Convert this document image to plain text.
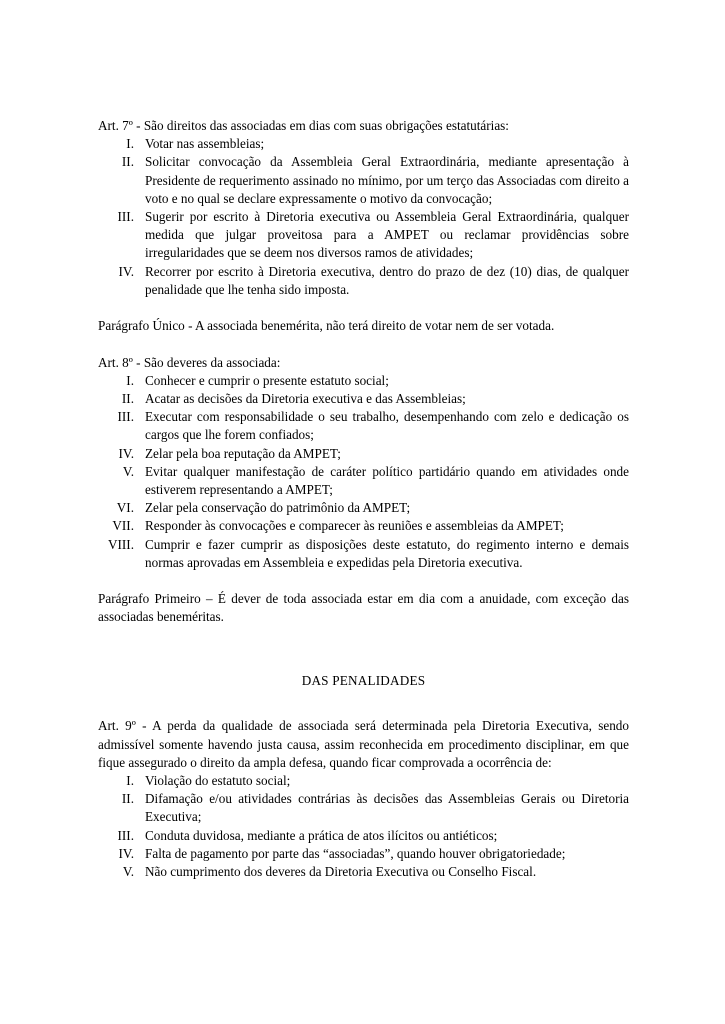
Art. 7º - São direitos das associadas em dias com suas obrigações estatutárias:

I. Votar nas assembleias;
II. Solicitar convocação da Assembleia Geral Extraordinária, mediante apresentação à Presidente de requerimento assinado no mínimo, por um terço das Associadas com direito a voto e no qual se declare expressamente o motivo da convocação;
III. Sugerir por escrito à Diretoria executiva ou Assembleia Geral Extraordinária, qualquer medida que julgar proveitosa para a AMPET ou reclamar providências sobre irregularidades que se deem nos diversos ramos de atividades;
IV. Recorrer por escrito à Diretoria executiva, dentro do prazo de dez (10) dias, de qualquer penalidade que lhe tenha sido imposta.

Parágrafo Único - A associada benemérita, não terá direito de votar nem de ser votada.

Art. 8º - São deveres da associada:

I. Conhecer e cumprir o presente estatuto social;
II. Acatar as decisões da Diretoria executiva e das Assembleias;
III. Executar com responsabilidade o seu trabalho, desempenhando com zelo e dedicação os cargos que lhe forem confiados;
IV. Zelar pela boa reputação da AMPET;
V. Evitar qualquer manifestação de caráter político partidário quando em atividades onde estiverem representando a AMPET;
VI. Zelar pela conservação do patrimônio da AMPET;
VII. Responder às convocações e comparecer às reuniões e assembleias da AMPET;
VIII. Cumprir e fazer cumprir as disposições deste estatuto, do regimento interno e demais normas aprovadas em Assembleia e expedidas pela Diretoria executiva.

Parágrafo Primeiro – É dever de toda associada estar em dia com a anuidade, com exceção das associadas beneméritas.

DAS PENALIDADES

Art. 9º - A perda da qualidade de associada será determinada pela Diretoria Executiva, sendo admissível somente havendo justa causa, assim reconhecida em procedimento disciplinar, em que fique assegurado o direito da ampla defesa, quando ficar comprovada a ocorrência de:

I. Violação do estatuto social;
II. Difamação e/ou atividades contrárias às decisões das Assembleias Gerais ou Diretoria Executiva;
III. Conduta duvidosa, mediante a prática de atos ilícitos ou antiéticos;
IV. Falta de pagamento por parte das “associadas”, quando houver obrigatoriedade;
V. Não cumprimento dos deveres da Diretoria Executiva ou Conselho Fiscal.
